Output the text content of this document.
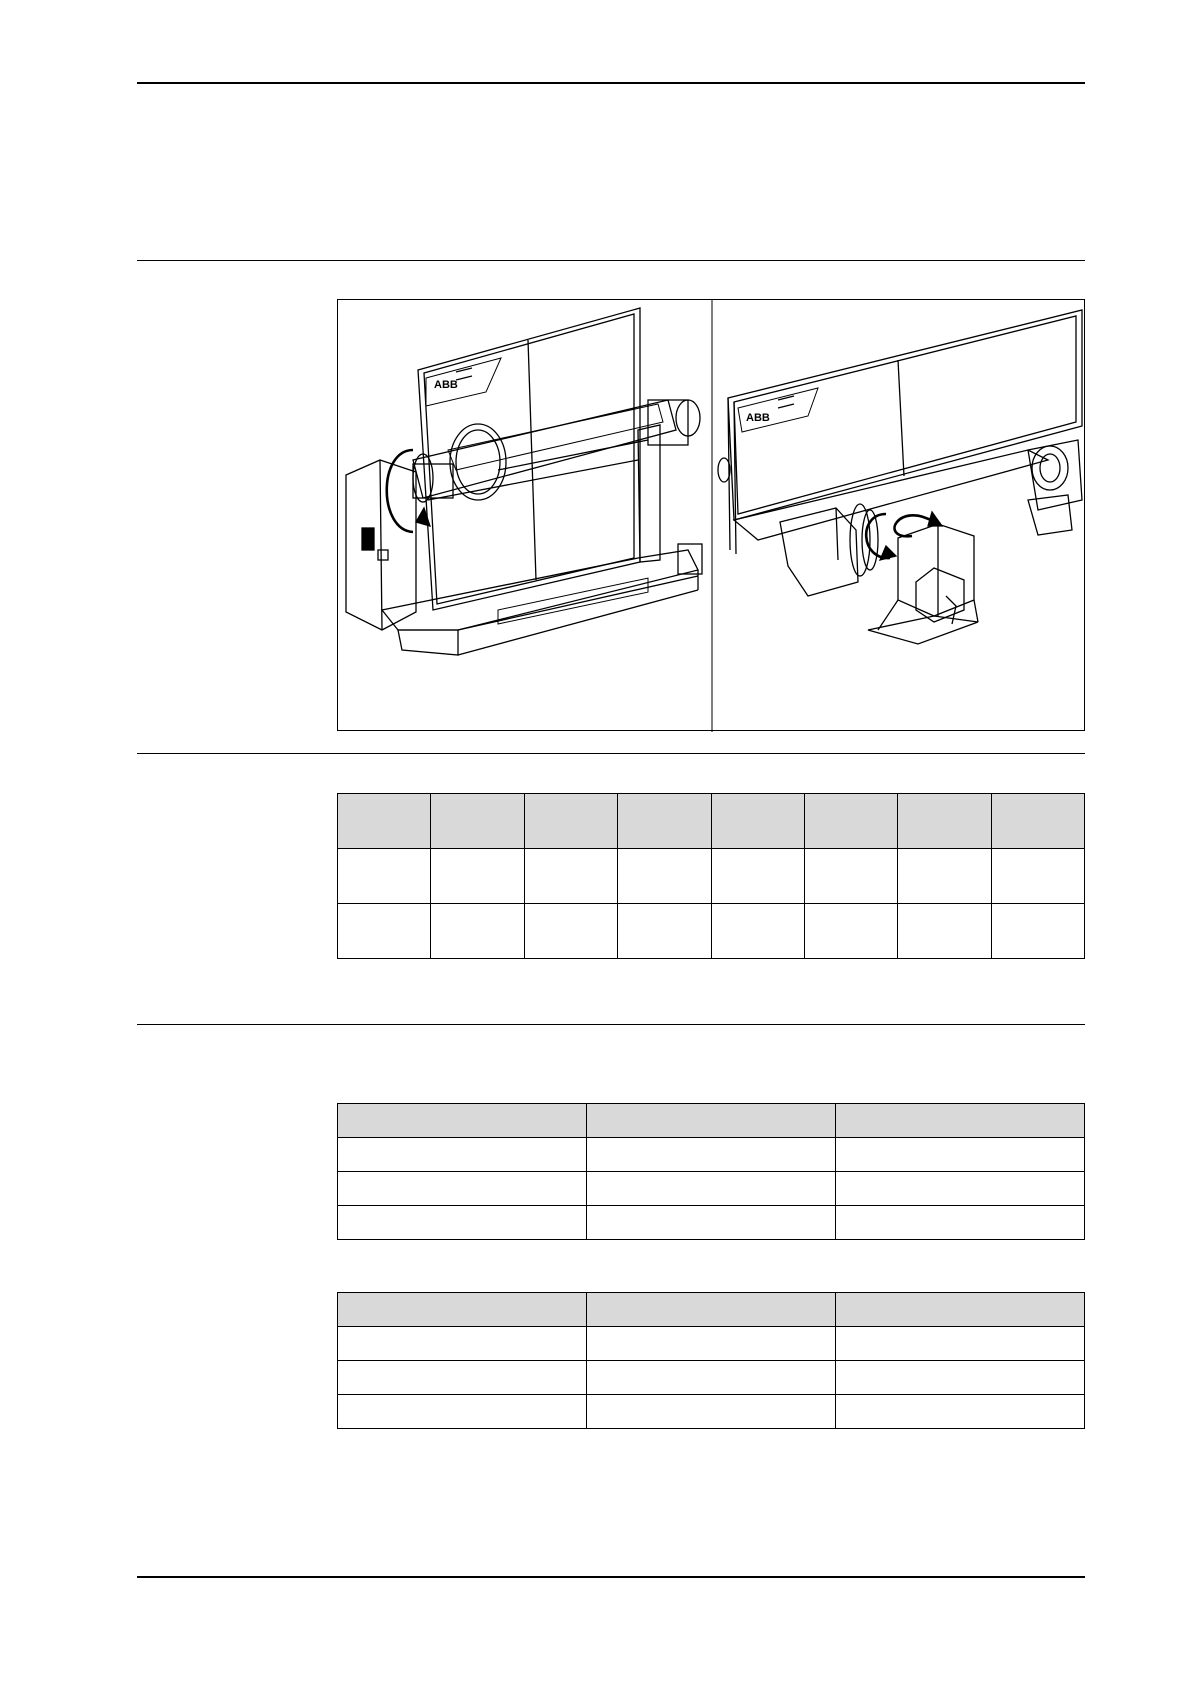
ABB
ABB
